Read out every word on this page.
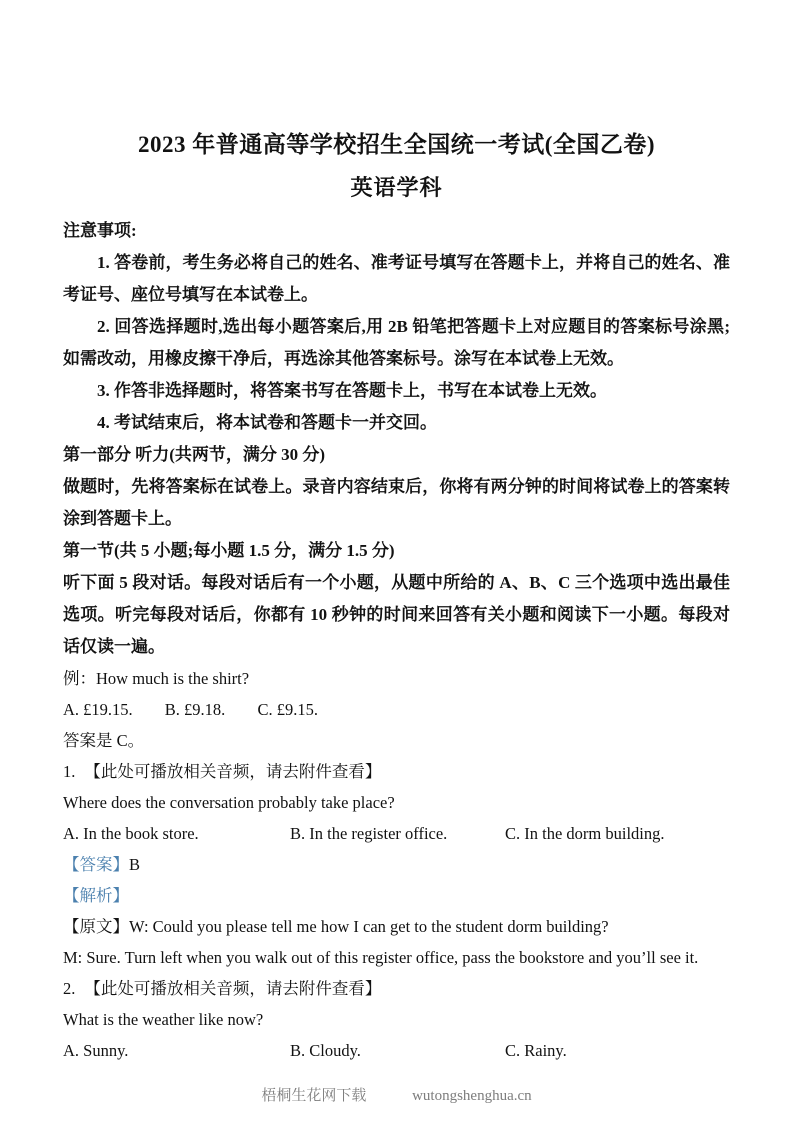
2023 年普通高等学校招生全国统一考试(全国乙卷)

英语学科

注意事项:

1. 答卷前，考生务必将自己的姓名、准考证号填写在答题卡上，并将自己的姓名、准考证号、座位号填写在本试卷上。

2. 回答选择题时,选出每小题答案后,用 2B 铅笔把答题卡上对应题目的答案标号涂黑;如需改动，用橡皮擦干净后，再选涂其他答案标号。涂写在本试卷上无效。

3. 作答非选择题时，将答案书写在答题卡上，书写在本试卷上无效。

4. 考试结束后，将本试卷和答题卡一并交回。

第一部分 听力(共两节，满分 30 分)

做题时，先将答案标在试卷上。录音内容结束后，你将有两分钟的时间将试卷上的答案转涂到答题卡上。

第一节(共 5 小题;每小题 1.5 分，满分 1.5 分)

听下面 5 段对话。每段对话后有一个小题，从题中所给的 A、B、C 三个选项中选出最佳选项。听完每段对话后，你都有 10 秒钟的时间来回答有关小题和阅读下一小题。每段对话仅读一遍。

例：How much is the shirt?

A. £19.15. B. £9.18. C. £9.15.

答案是 C。

1. 【此处可播放相关音频，请去附件查看】

Where does the conversation probably take place?

A. In the book store.	B. In the register office.	C. In the dorm building.

【答案】B

【解析】

【原文】W: Could you please tell me how I can get to the student dorm building?

M: Sure. Turn left when you walk out of this register office, pass the bookstore and you’ll see it.

2. 【此处可播放相关音频，请去附件查看】

What is the weather like now?

A. Sunny.	B. Cloudy.	C. Rainy.

梧桐生花网下载	wutongshenghua.cn
